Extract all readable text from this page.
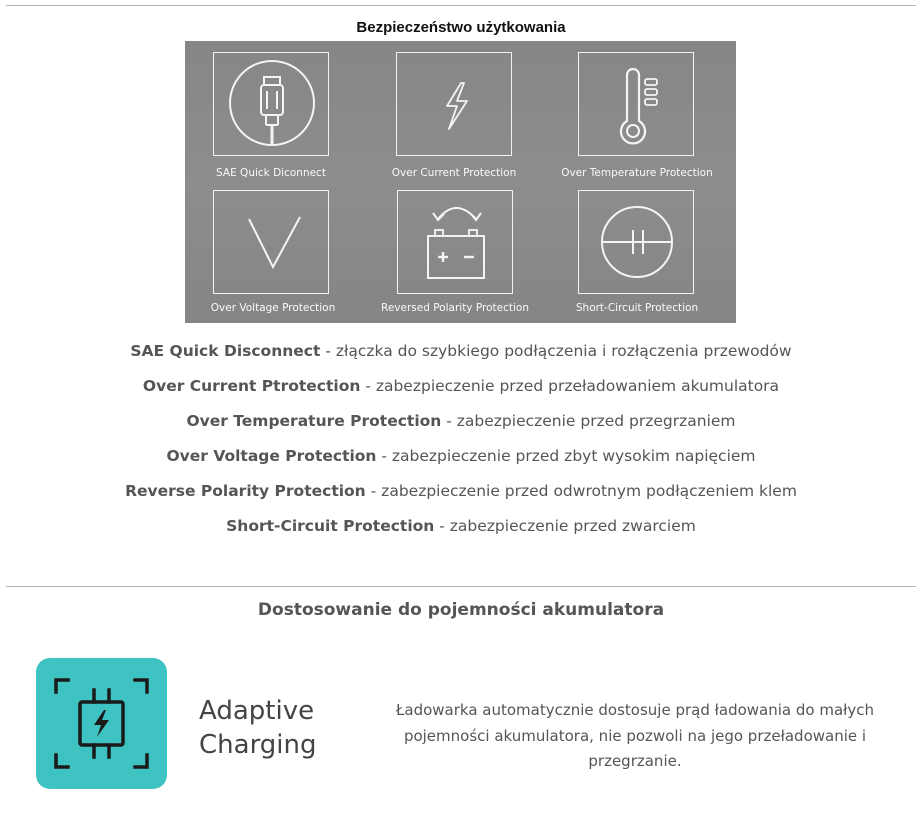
Bezpieczeństwo użytkowania
SAE Quick Diconnect	Over Current Protection	Over Temperature Protection
Over Voltage Protection	Reversed Polarity Protection	Short-Circuit Protection
SAE Quick Disconnect - złączka do szybkiego podłączenia i rozłączenia przewodów
Over Current Ptrotection - zabezpieczenie przed przeładowaniem akumulatora
Over Temperature Protection - zabezpieczenie przed przegrzaniem
Over Voltage Protection - zabezpieczenie przed zbyt wysokim napięciem
Reverse Polarity Protection - zabezpieczenie przed odwrotnym podłączeniem klem
Short-Circuit Protection - zabezpieczenie przed zwarciem
Dostosowanie do pojemności akumulatora
Adaptive
Charging
Ładowarka automatycznie dostosuje prąd ładowania do małych
pojemności akumulatora, nie pozwoli na jego przeładowanie i
przegrzanie.
